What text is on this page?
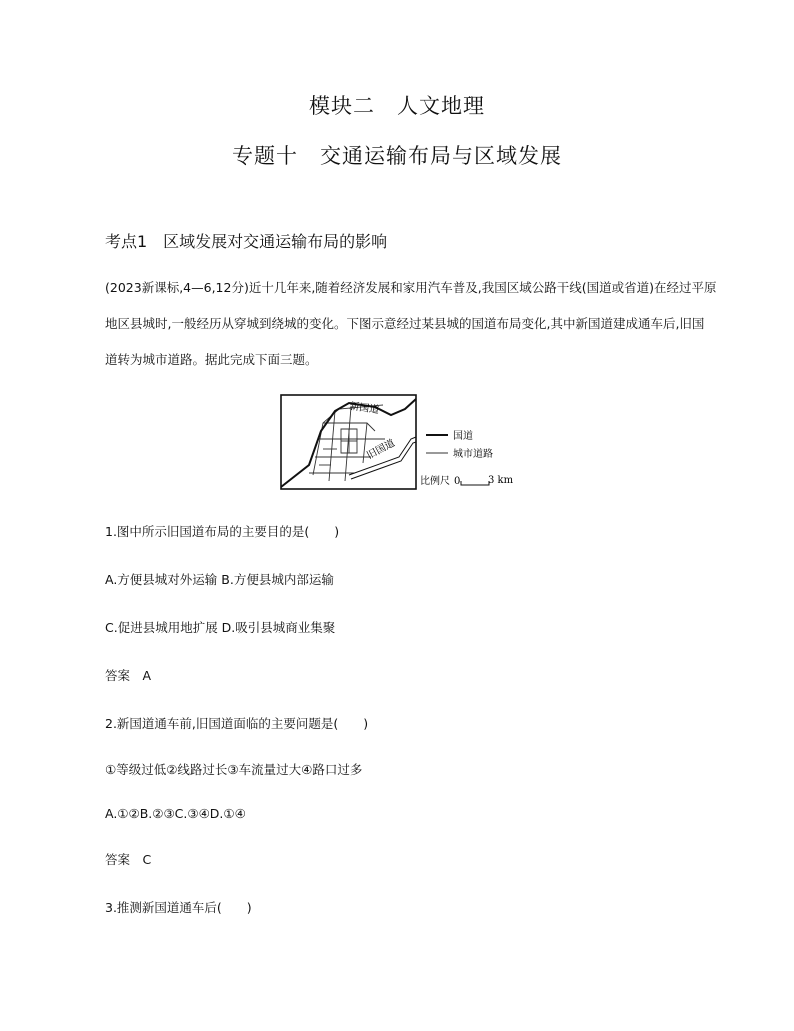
模块二　人文地理
专题十　交通运输布局与区域发展
考点1　区域发展对交通运输布局的影响
(2023新课标,4—6,12分)近十几年来,随着经济发展和家用汽车普及,我国区域公路干线(国道或省道)在经过平原
地区县城时,一般经历从穿城到绕城的变化。下图示意经过某县城的国道布局变化,其中新国道建成通车后,旧国
道转为城市道路。据此完成下面三题。
新国道
旧国道
国道
城市道路
比例尺 0	3 km
1.图中所示旧国道布局的主要目的是(　　)
A.方便县城对外运输 B.方便县城内部运输
C.促进县城用地扩展 D.吸引县城商业集聚
答案　A
2.新国道通车前,旧国道面临的主要问题是(　　)
①等级过低②线路过长③车流量过大④路口过多
A.①②B.②③C.③④D.①④
答案　C
3.推测新国道通车后(　　)
